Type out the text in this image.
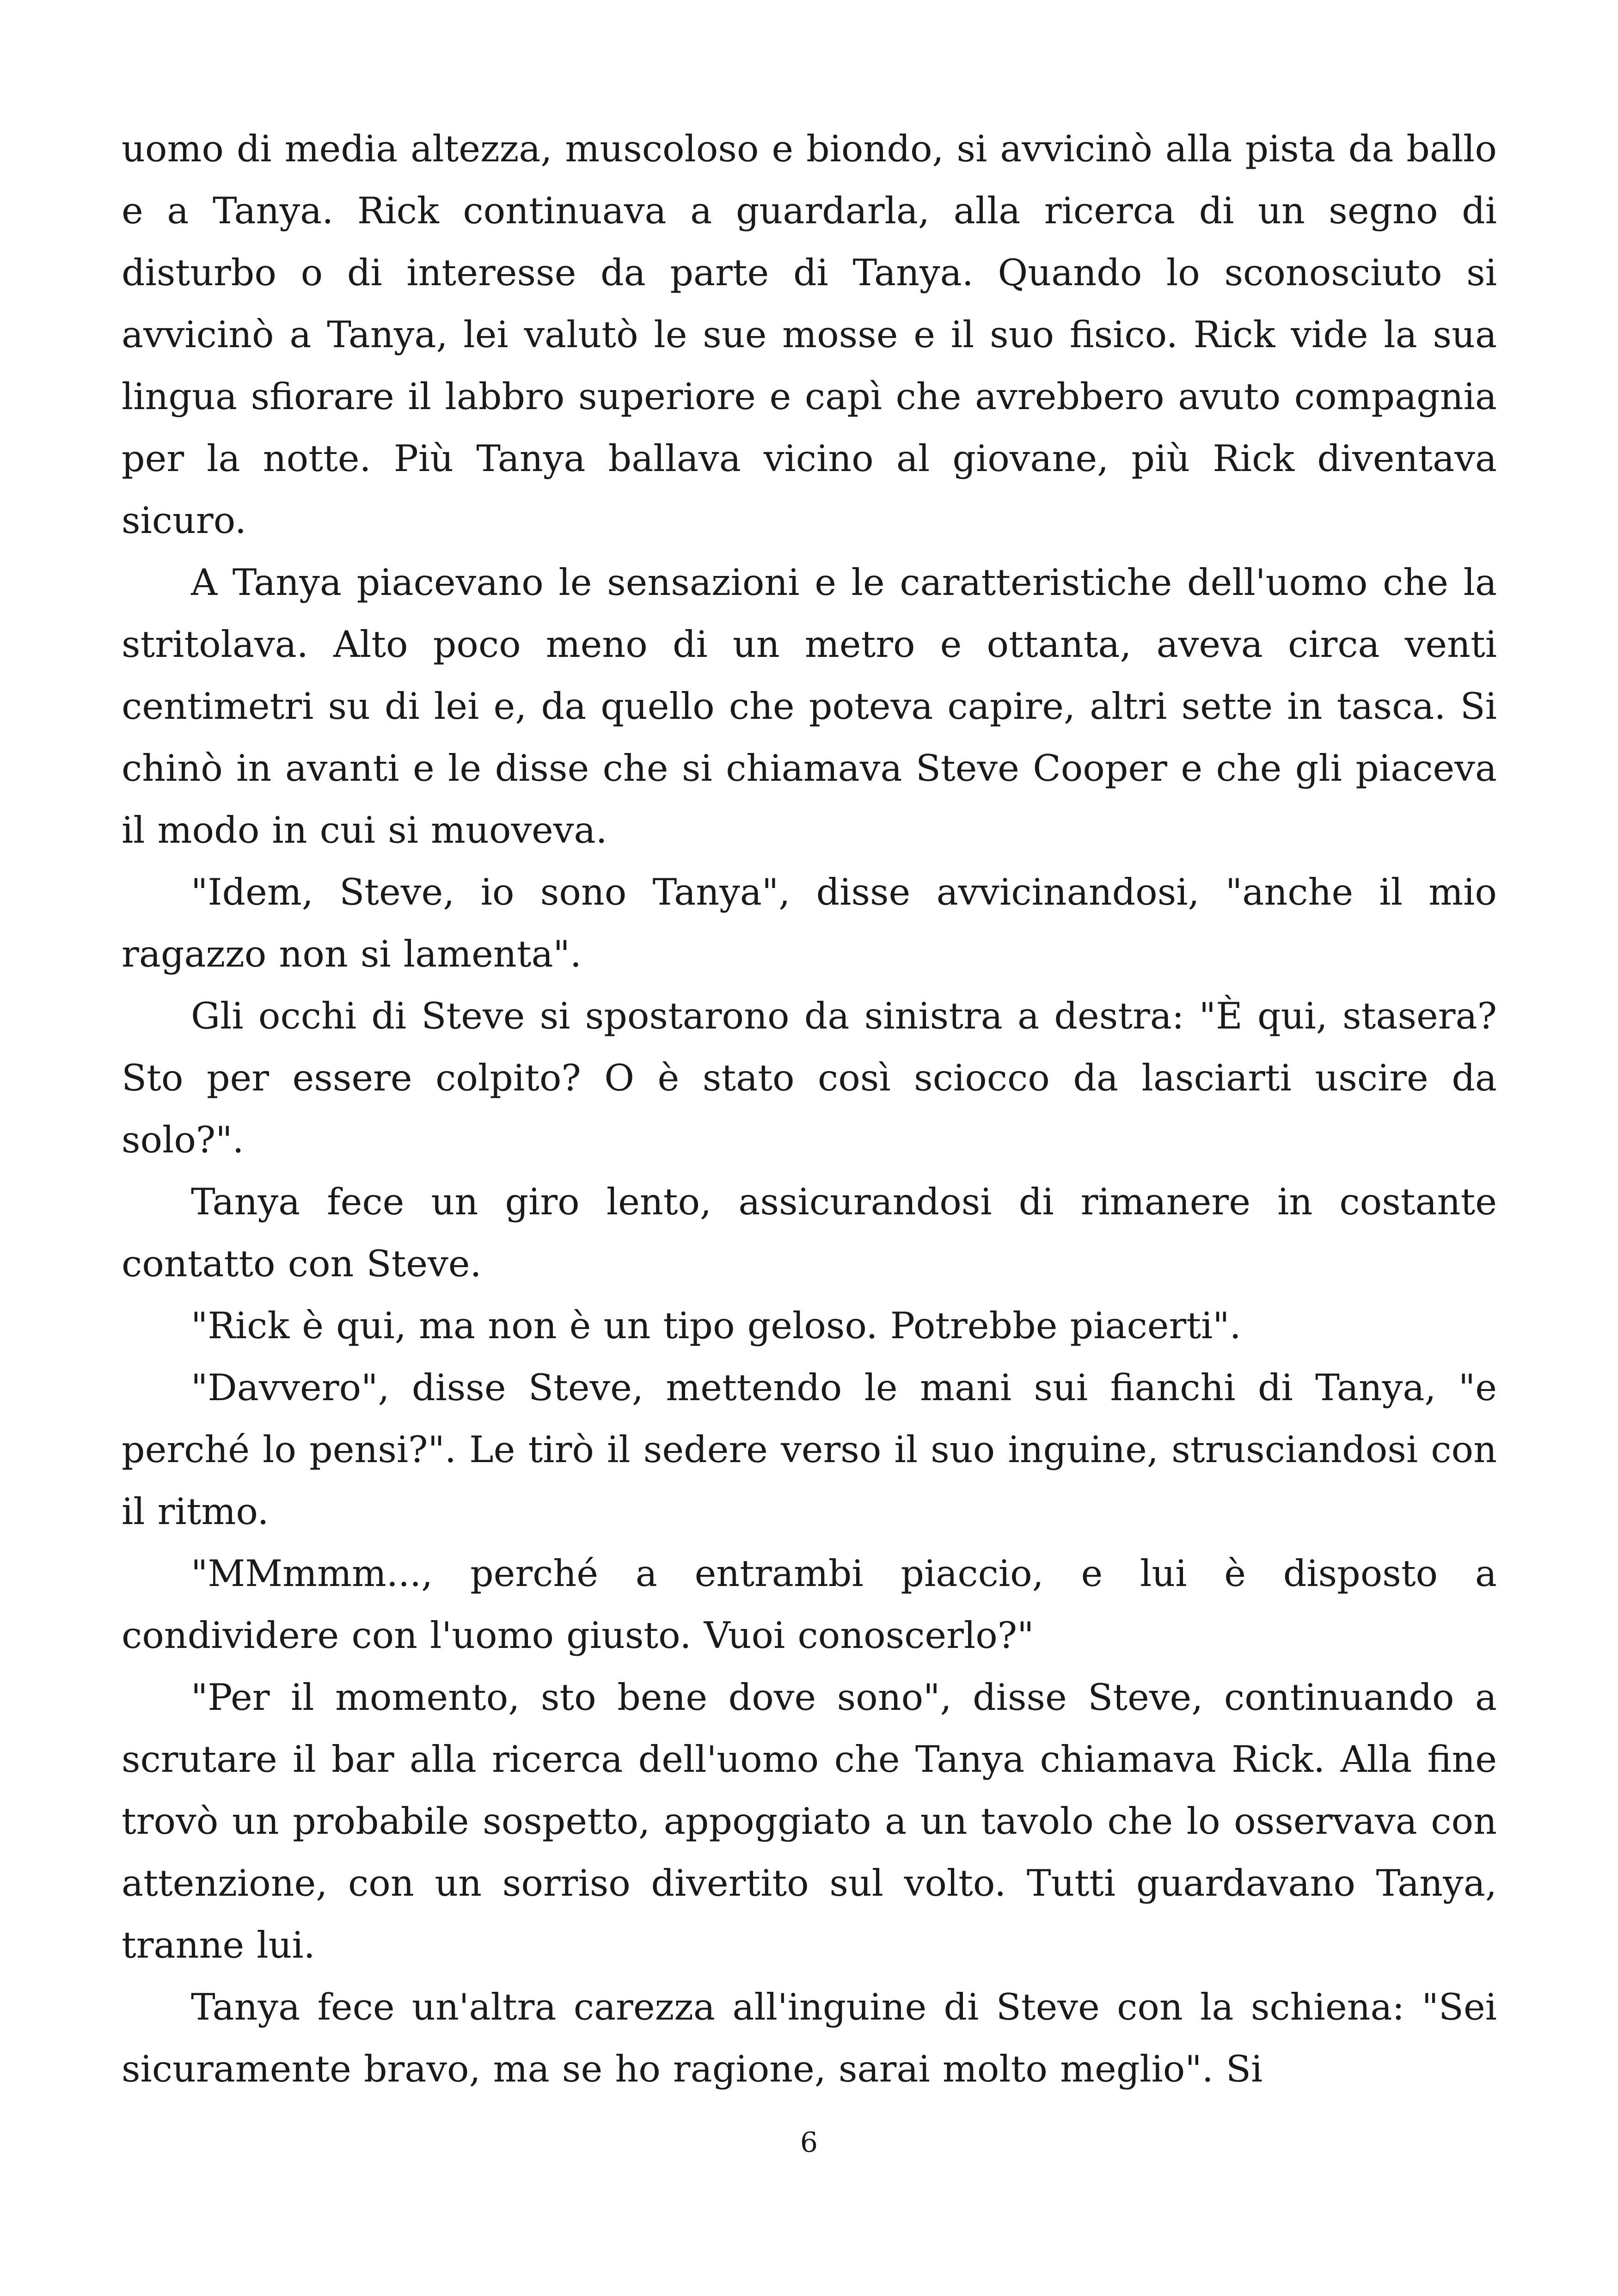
uomo di media altezza, muscoloso e biondo, si avvicinò alla pista da ballo e a Tanya. Rick continuava a guardarla, alla ricerca di un segno di disturbo o di interesse da parte di Tanya. Quando lo sconosciuto si avvicinò a Tanya, lei valutò le sue mosse e il suo fisico. Rick vide la sua lingua sfiorare il labbro superiore e capì che avrebbero avuto compagnia per la notte. Più Tanya ballava vicino al giovane, più Rick diventava sicuro.

A Tanya piacevano le sensazioni e le caratteristiche dell'uomo che la stritolava. Alto poco meno di un metro e ottanta, aveva circa venti centimetri su di lei e, da quello che poteva capire, altri sette in tasca. Si chinò in avanti e le disse che si chiamava Steve Cooper e che gli piaceva il modo in cui si muoveva.

"Idem, Steve, io sono Tanya", disse avvicinandosi, "anche il mio ragazzo non si lamenta".

Gli occhi di Steve si spostarono da sinistra a destra: "È qui, stasera? Sto per essere colpito? O è stato così sciocco da lasciarti uscire da solo?".

Tanya fece un giro lento, assicurandosi di rimanere in costante contatto con Steve.

"Rick è qui, ma non è un tipo geloso. Potrebbe piacerti".

"Davvero", disse Steve, mettendo le mani sui fianchi di Tanya, "e perché lo pensi?". Le tirò il sedere verso il suo inguine, strusciandosi con il ritmo.

"MMmmm..., perché a entrambi piaccio, e lui è disposto a condividere con l'uomo giusto. Vuoi conoscerlo?"

"Per il momento, sto bene dove sono", disse Steve, continuando a scrutare il bar alla ricerca dell'uomo che Tanya chiamava Rick. Alla fine trovò un probabile sospetto, appoggiato a un tavolo che lo osservava con attenzione, con un sorriso divertito sul volto. Tutti guardavano Tanya, tranne lui.

Tanya fece un'altra carezza all'inguine di Steve con la schiena: "Sei sicuramente bravo, ma se ho ragione, sarai molto meglio". Si

6
